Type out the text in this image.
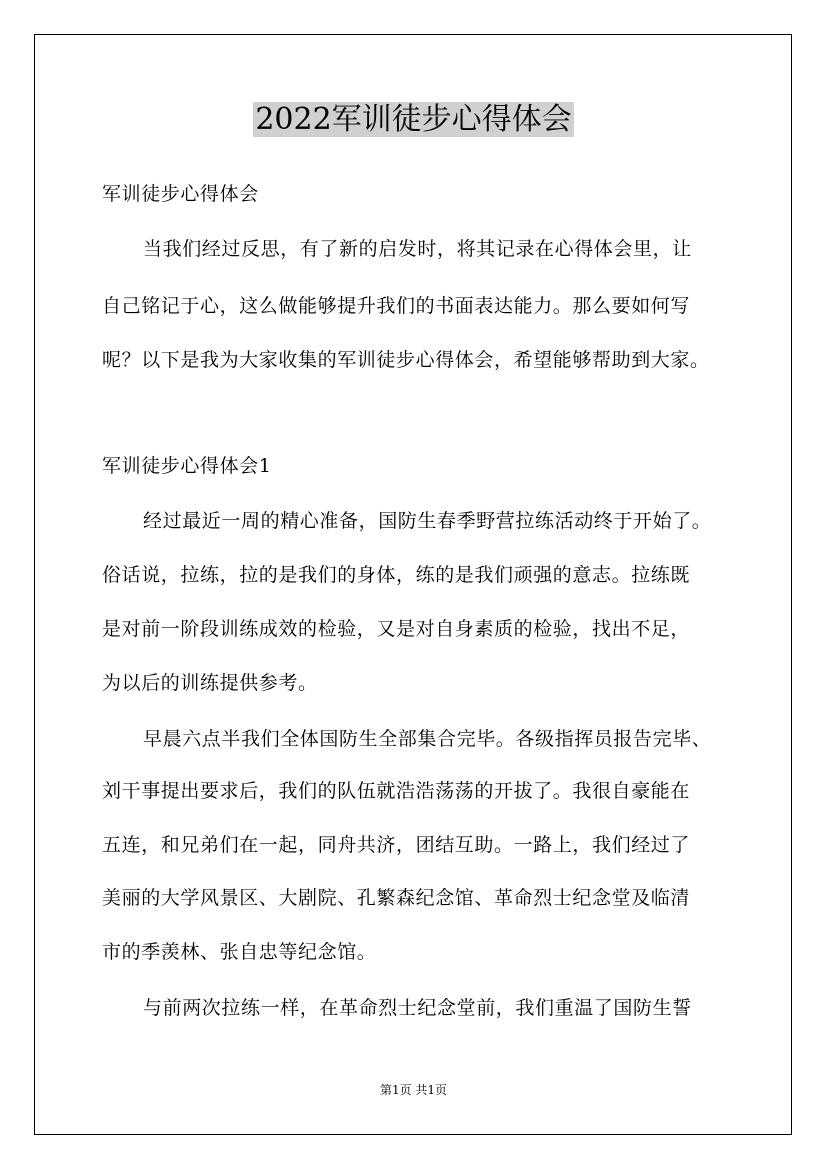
2022军训徒步心得体会
军训徒步心得体会
当我们经过反思，有了新的启发时，将其记录在心得体会里，让
自己铭记于心，这么做能够提升我们的书面表达能力。那么要如何写
呢？以下是我为大家收集的军训徒步心得体会，希望能够帮助到大家。
军训徒步心得体会1
经过最近一周的精心准备，国防生春季野营拉练活动终于开始了。
俗话说，拉练，拉的是我们的身体，练的是我们顽强的意志。拉练既
是对前一阶段训练成效的检验，又是对自身素质的检验，找出不足，
为以后的训练提供参考。
早晨六点半我们全体国防生全部集合完毕。各级指挥员报告完毕、
刘干事提出要求后，我们的队伍就浩浩荡荡的开拔了。我很自豪能在
五连，和兄弟们在一起，同舟共济，团结互助。一路上，我们经过了
美丽的大学风景区、大剧院、孔繁森纪念馆、革命烈士纪念堂及临清
市的季羡林、张自忠等纪念馆。
与前两次拉练一样，在革命烈士纪念堂前，我们重温了国防生誓
第1页 共1页
